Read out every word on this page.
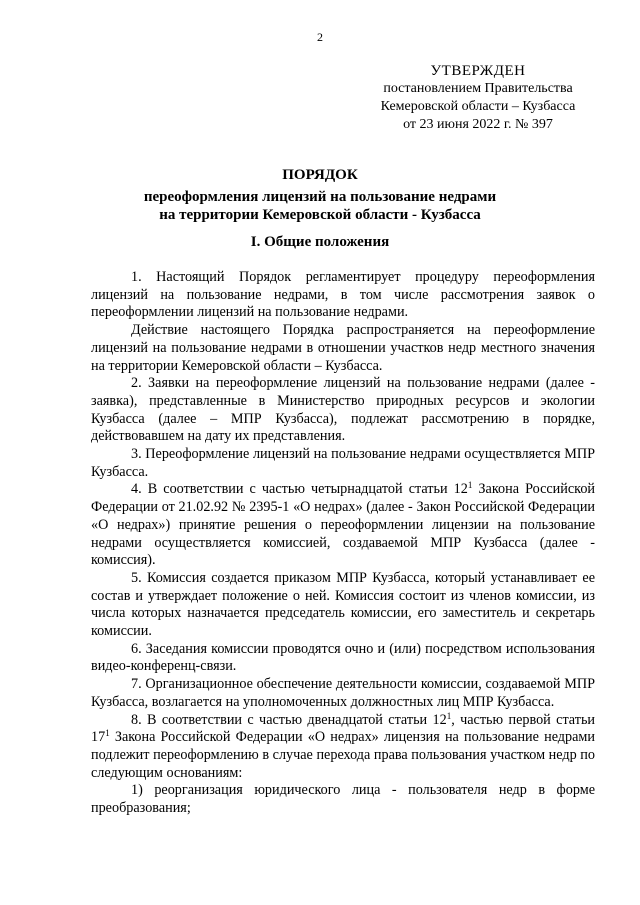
2
УТВЕРЖДЕН
постановлением Правительства
Кемеровской области – Кузбасса
от 23 июня 2022 г. № 397
ПОРЯДОК
переоформления лицензий на пользование недрами
на территории Кемеровской области - Кузбасса
I. Общие положения

1. Настоящий Порядок регламентирует процедуру переоформления лицензий на пользование недрами, в том числе рассмотрения заявок о переоформлении лицензий на пользование недрами.

Действие настоящего Порядка распространяется на переоформление лицензий на пользование недрами в отношении участков недр местного значения на территории Кемеровской области – Кузбасса.

2. Заявки на переоформление лицензий на пользование недрами (далее - заявка), представленные в Министерство природных ресурсов и экологии Кузбасса (далее – МПР Кузбасса), подлежат рассмотрению в порядке, действовавшем на дату их представления.

3. Переоформление лицензий на пользование недрами осуществляется МПР Кузбасса.

4. В соответствии с частью четырнадцатой статьи $12^1$ Закона Российской Федерации от 21.02.92 № 2395-1 «О недрах» (далее - Закон Российской Федерации «О недрах») принятие решения о переоформлении лицензии на пользование недрами осуществляется комиссией, создаваемой МПР Кузбасса (далее - комиссия).

5. Комиссия создается приказом МПР Кузбасса, который устанавливает ее состав и утверждает положение о ней. Комиссия состоит из членов комиссии, из числа которых назначается председатель комиссии, его заместитель и секретарь комиссии.

6. Заседания комиссии проводятся очно и (или) посредством использования видео-конференц-связи.

7. Организационное обеспечение деятельности комиссии, создаваемой МПР Кузбасса, возлагается на уполномоченных должностных лиц МПР Кузбасса.

8. В соответствии с частью двенадцатой статьи $12^1$, частью первой статьи $17^1$ Закона Российской Федерации «О недрах» лицензия на пользование недрами подлежит переоформлению в случае перехода права пользования участком недр по следующим основаниям:

1) реорганизация юридического лица - пользователя недр в форме преобразования;
